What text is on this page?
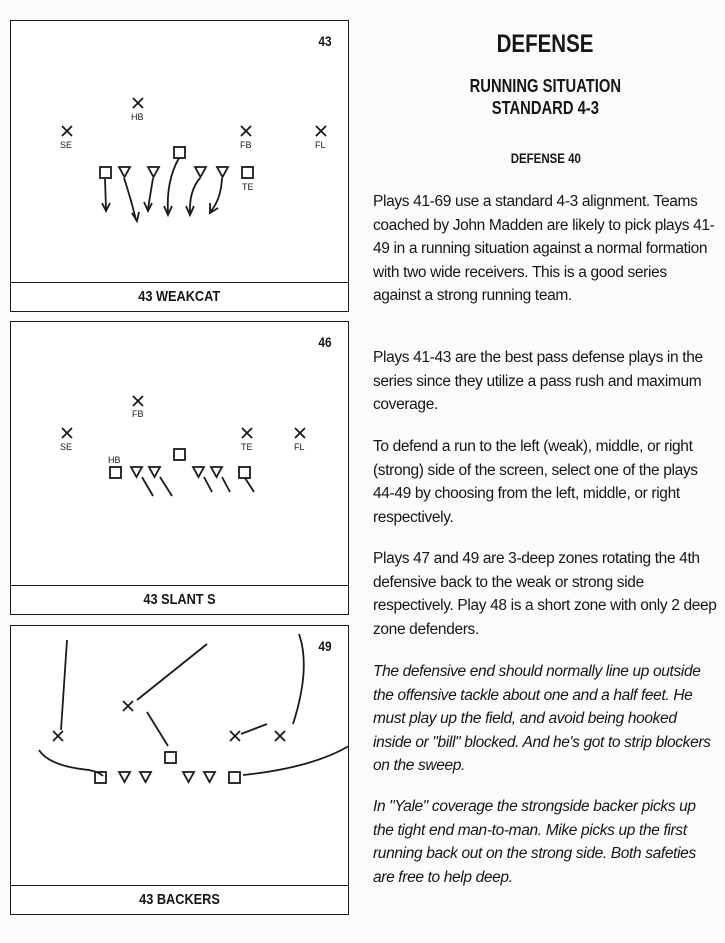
HB
SE	FB	FL
TE
43
43 WEAKCAT
FB
SE	TE	FL
HB
46
43 SLANT S
49
43 BACKERS
DEFENSE
RUNNING SITUATION
STANDARD 4-3
DEFENSE 40
Plays 41-69 use a standard 4-3 alignment. Teams coached by John Madden are likely to pick plays 41-49 in a running situation against a normal formation with two wide receivers. This is a good series against a strong running team.
Plays 41-43 are the best pass defense plays in the series since they utilize a pass rush and maximum coverage.
To defend a run to the left (weak), middle, or right (strong) side of the screen, select one of the plays 44-49 by choosing from the left, middle, or right respectively.
Plays 47 and 49 are 3-deep zones rotating the 4th defensive back to the weak or strong side respectively. Play 48 is a short zone with only 2 deep zone defenders.
The defensive end should normally line up outside the offensive tackle about one and a half feet. He must play up the field, and avoid being hooked inside or "bill" blocked. And he's got to strip blockers on the sweep.
In "Yale" coverage the strongside backer picks up the tight end man-to-man. Mike picks up the first running back out on the strong side. Both safeties are free to help deep.
